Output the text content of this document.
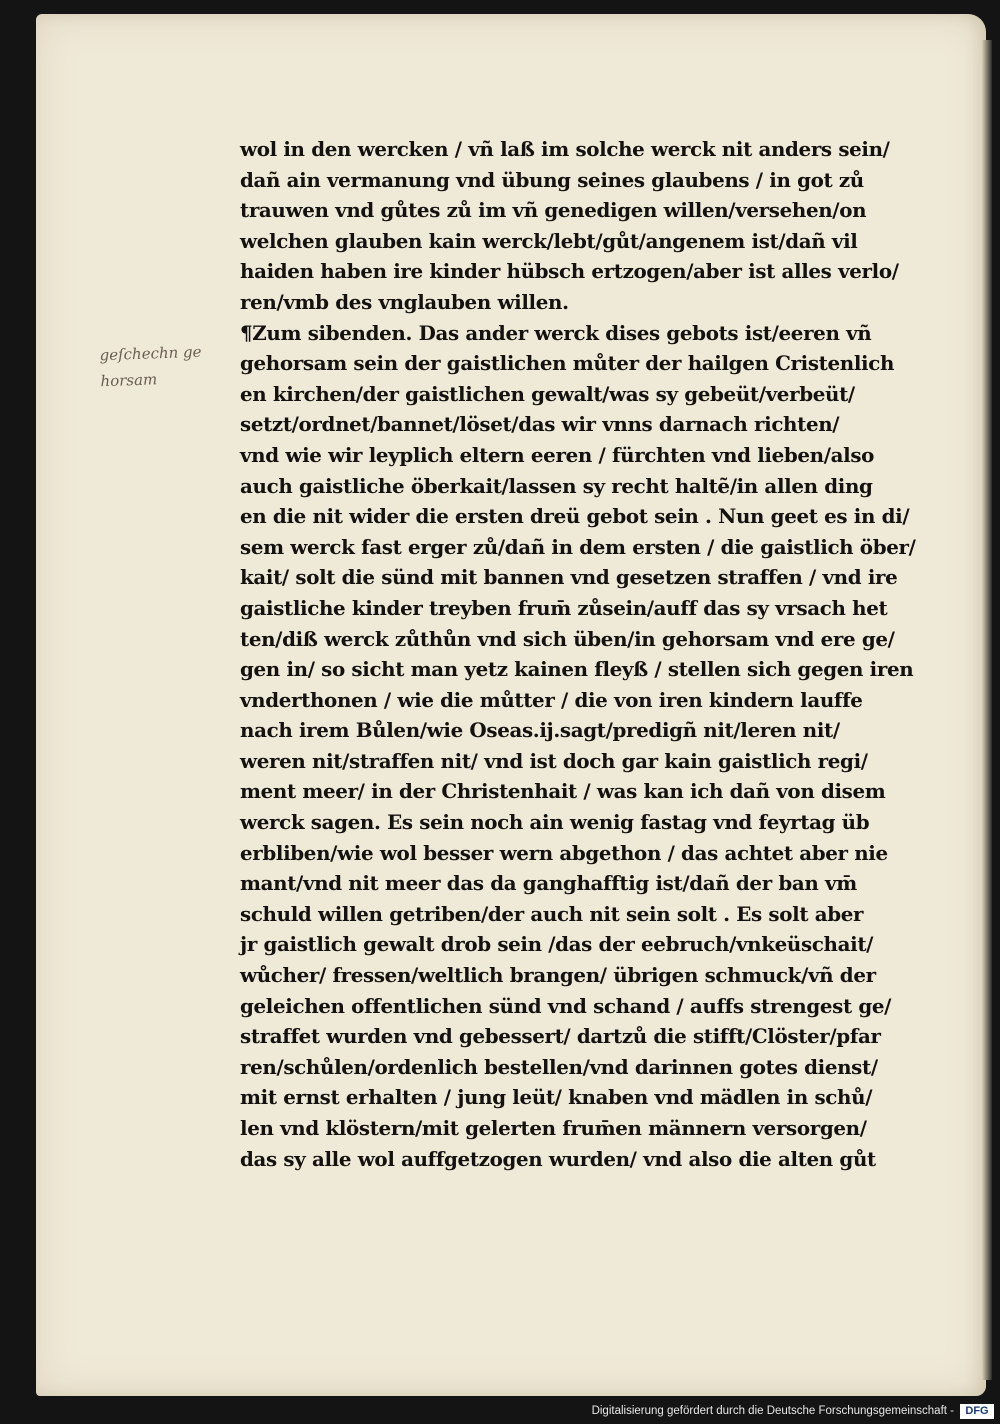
geſchechn ge
horsam
wol in den wercken / vñ laß im solche werck nit anders sein/
dañ ain vermanung vnd übung seines glaubens / in got zů
trauwen vnd gůtes zů im vñ genedigen willen/versehen/on
welchen glauben kain werck/lebt/gůt/angenem ist/dañ vil
haiden haben ire kinder hübsch ertzogen/aber ist alles verlo/
ren/vmb des vnglauben willen.
¶Zum sibenden. Das ander werck dises gebots ist/eeren vñ
gehorsam sein der gaistlichen můter der hailgen Cristenlich
en kirchen/der gaistlichen gewalt/was sy gebeüt/verbeüt/
setzt/ordnet/bannet/löset/das wir vnns darnach richten/
vnd wie wir leyplich eltern eeren / fürchten vnd lieben/also
auch gaistliche öberkait/lassen sy recht haltẽ/in allen ding
en die nit wider die ersten dreü gebot sein . Nun geet es in di/
sem werck fast erger zů/dañ in dem ersten / die gaistlich öber/
kait/ solt die sünd mit bannen vnd gesetzen straffen / vnd ire
gaistliche kinder treyben frum̄ zůsein/auff das sy vrsach het
ten/diß werck zůthůn vnd sich üben/in gehorsam vnd ere ge/
gen in/ so sicht man yetz kainen fleyß / stellen sich gegen iren
vnderthonen / wie die můtter / die von iren kindern lauffe
nach irem Bůlen/wie Oseas.ij.sagt/predigñ nit/leren nit/
weren nit/straffen nit/ vnd ist doch gar kain gaistlich regi/
ment meer/ in der Christenhait / was kan ich dañ von disem
werck sagen. Es sein noch ain wenig fastag vnd feyrtag üb
erbliben/wie wol besser wern abgethon / das achtet aber nie
mant/vnd nit meer das da ganghafftig ist/dañ der ban vm̄
schuld willen getriben/der auch nit sein solt . Es solt aber
jr gaistlich gewalt drob sein /das der eebruch/vnkeüschait/
wůcher/ fressen/weltlich brangen/ übrigen schmuck/vñ der
geleichen offentlichen sünd vnd schand / auffs strengest ge/
straffet wurden vnd gebessert/ dartzů die stifft/Clöster/pfar
ren/schůlen/ordenlich bestellen/vnd darinnen gotes dienst/
mit ernst erhalten / jung leüt/ knaben vnd mädlen in schů/
len vnd klöstern/mit gelerten frum̄en männern versorgen/
das sy alle wol auffgetzogen wurden/ vnd also die alten gůt
Digitalisierung gefördert durch die Deutsche Forschungsgemeinschaft -	DFG
